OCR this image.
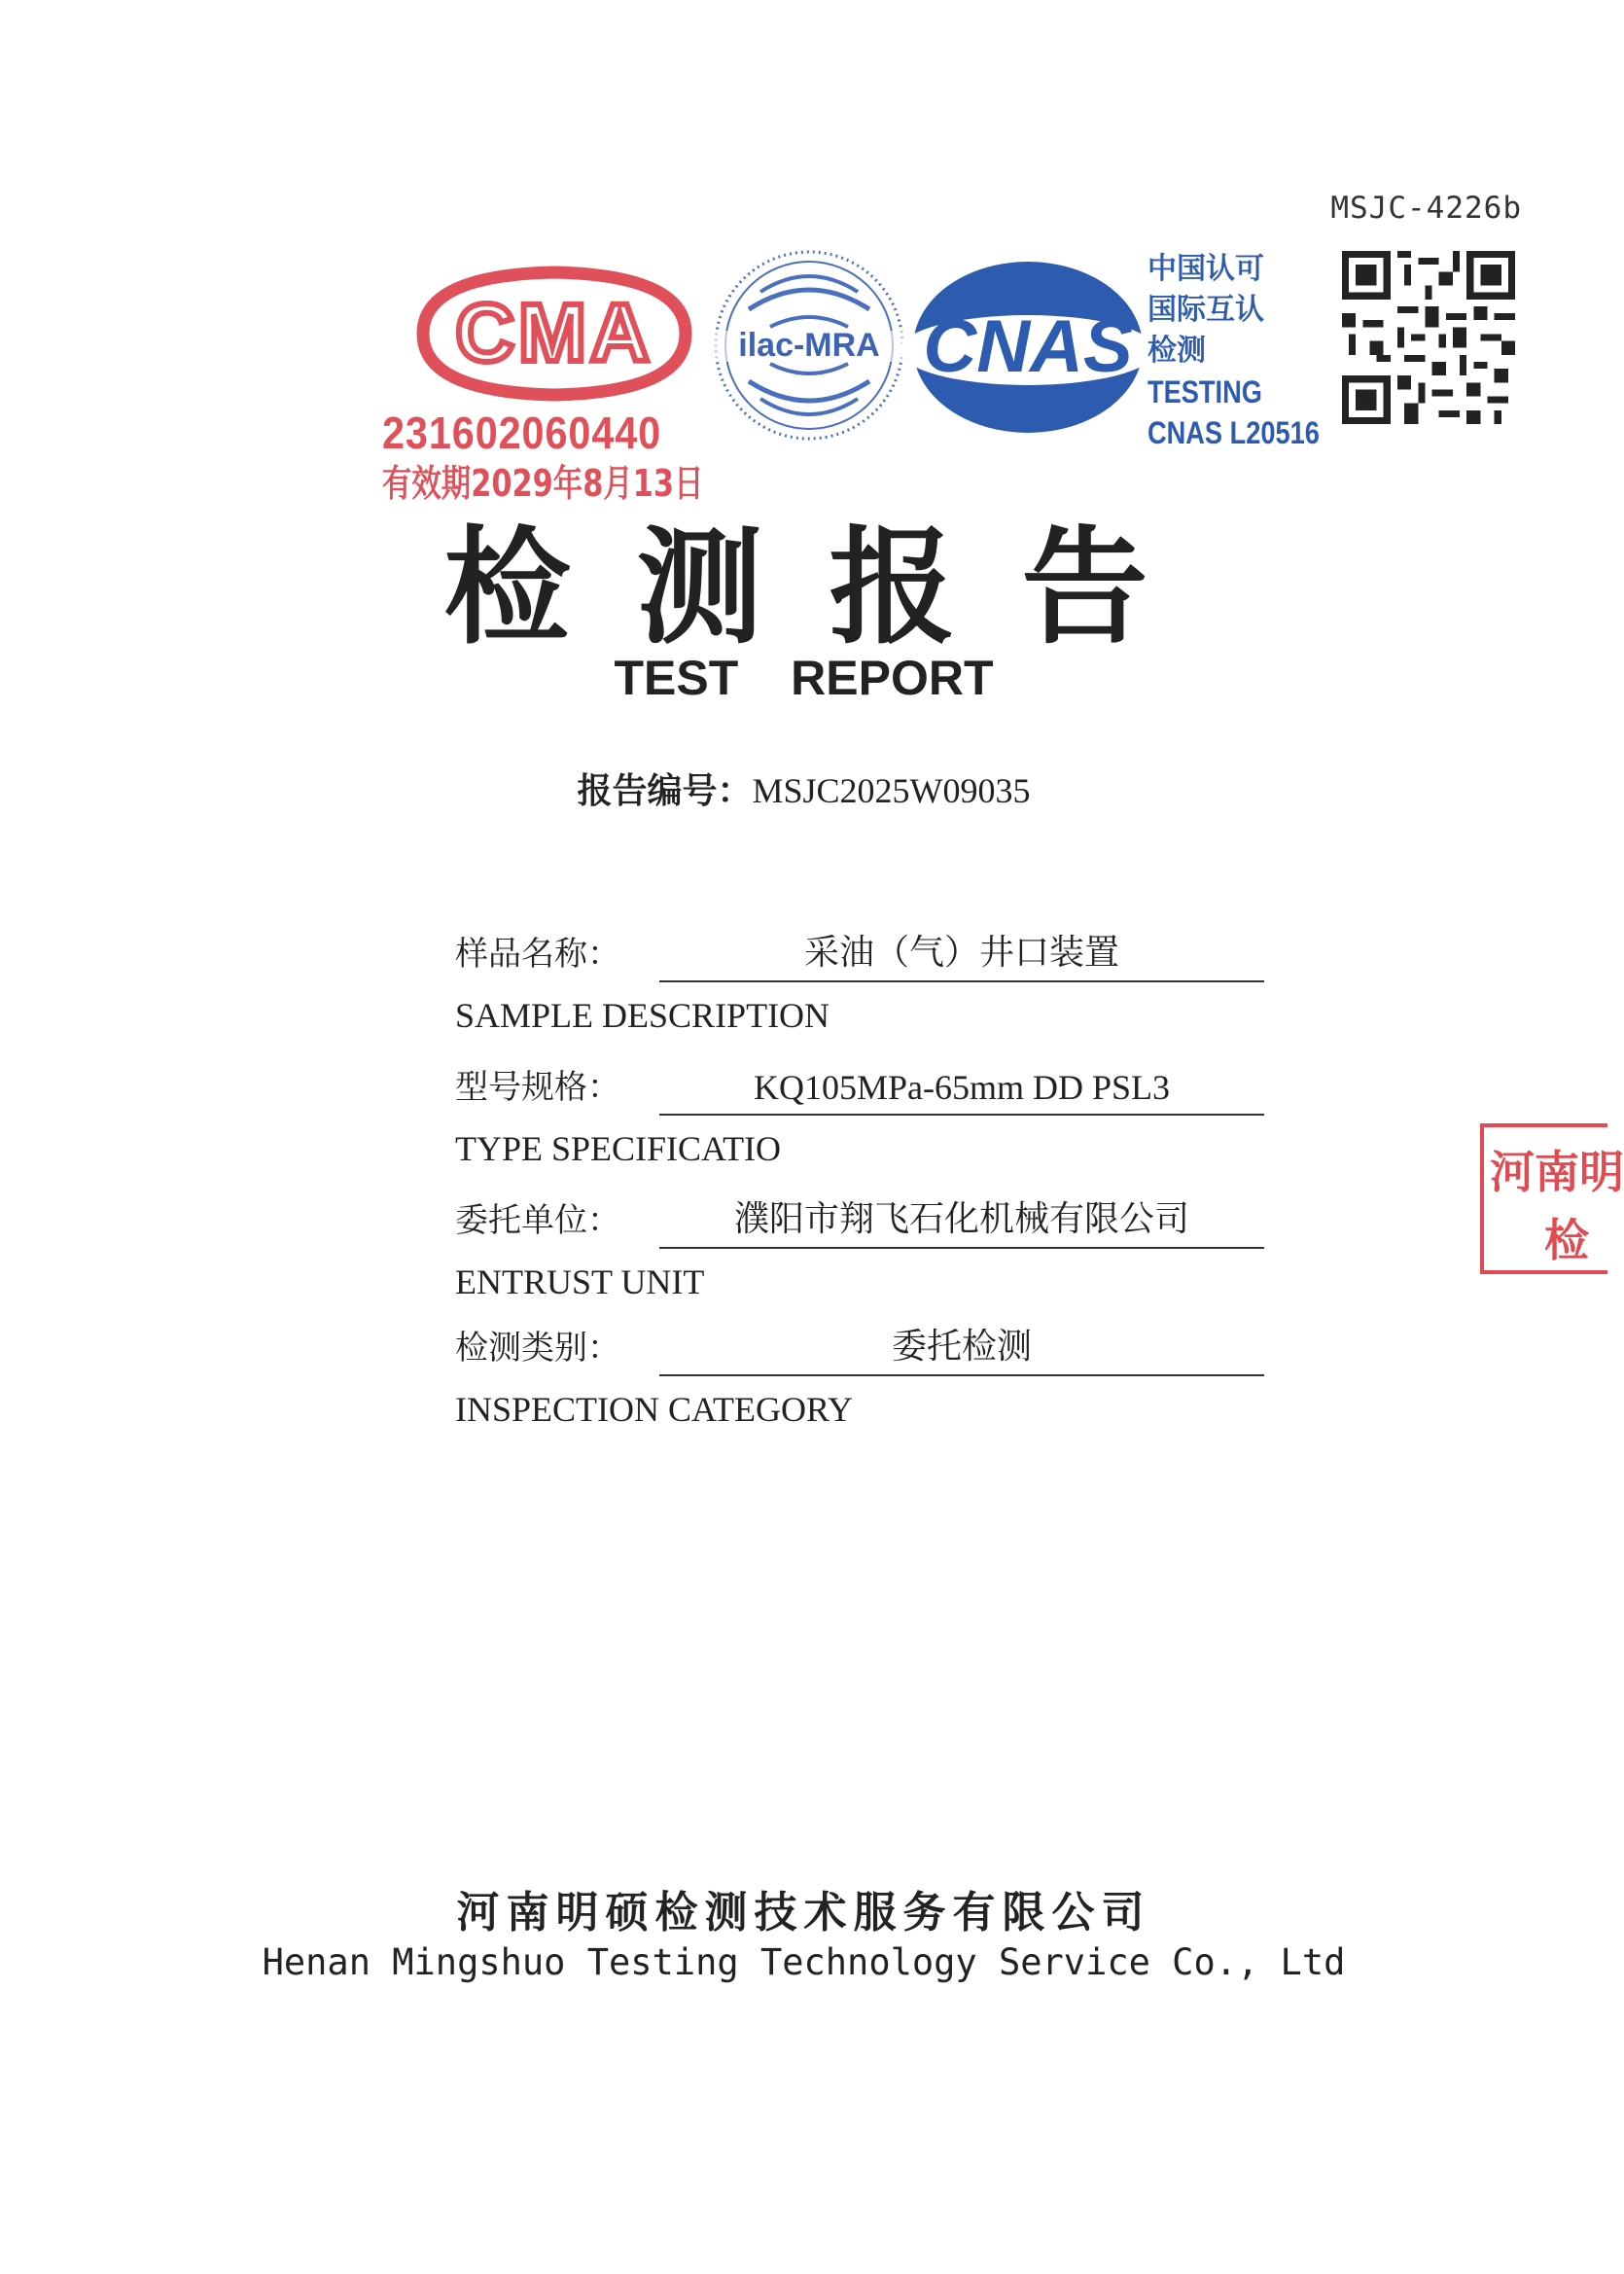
MSJC-4226b
CMA
231602060440
有效期2029年8月13日
ilac-MRA CNAS
中国认可
国际互认
检测
TESTING
CNAS L20516
检测报告
TEST REPORT
报告编号：MSJC2025W09035
样品名称：	采油（气）井口装置
SAMPLE DESCRIPTION
型号规格：	KQ105MPa-65mm DD PSL3
TYPE SPECIFICATIO
委托单位：	濮阳市翔飞石化机械有限公司
ENTRUST UNIT
检测类别：	委托检测
INSPECTION CATEGORY
河南明
检
河南明硕检测技术服务有限公司
Henan Mingshuo Testing Technology Service Co., Ltd
